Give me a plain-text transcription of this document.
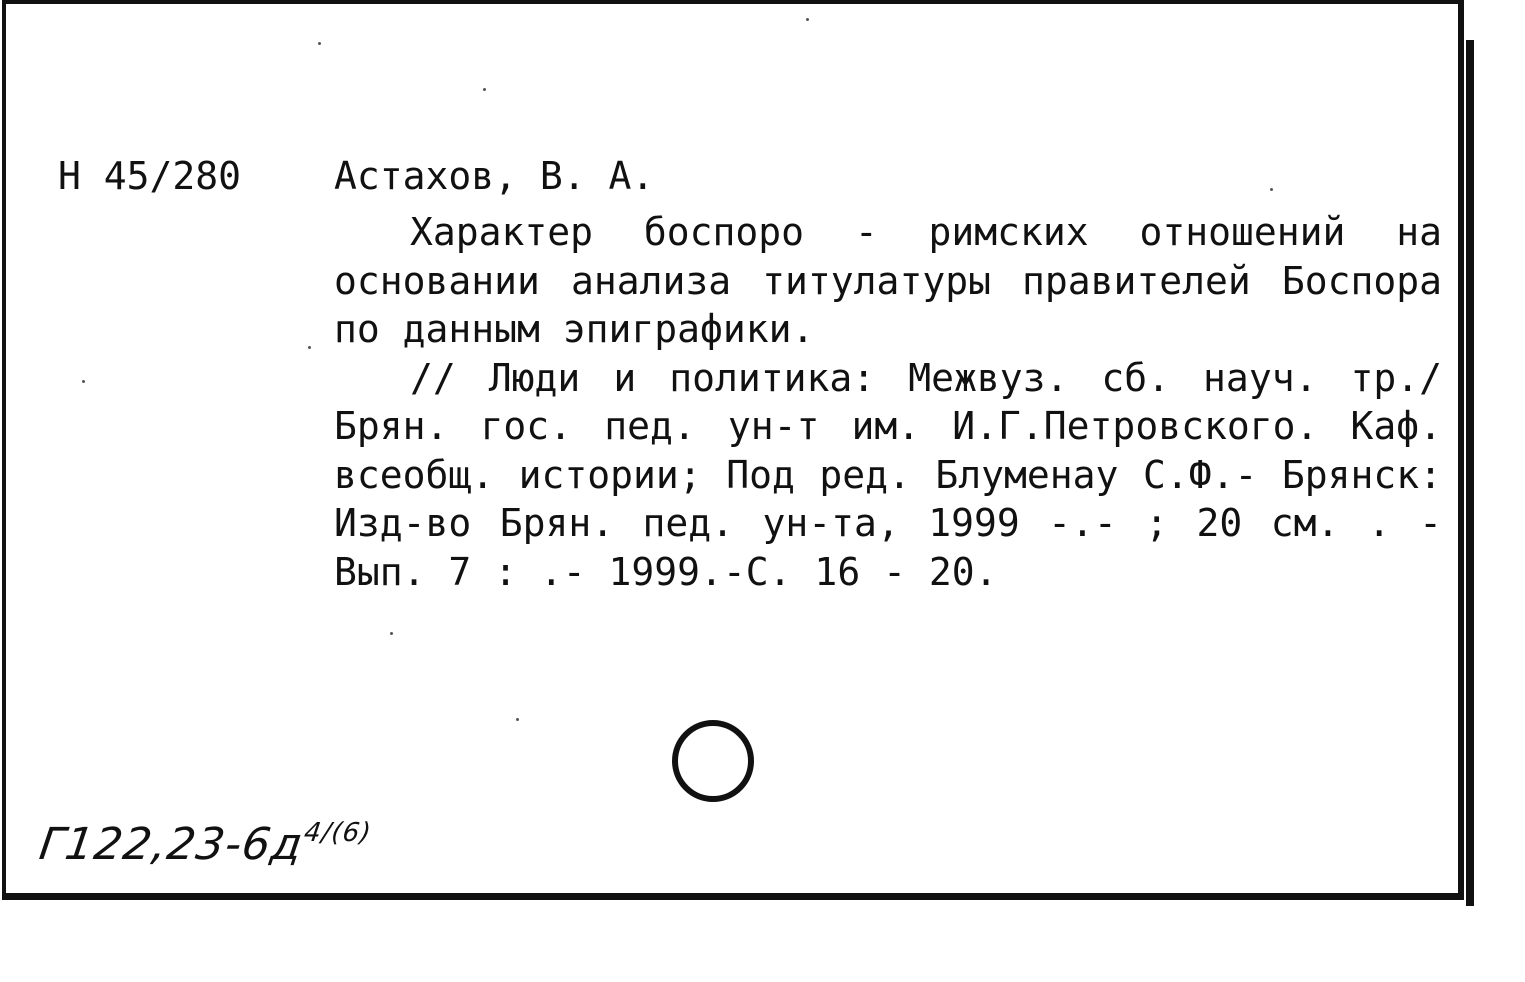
Н 45/280 Астахов, В. А.

Характер боспоро - римских отношений на основании анализа титулатуры правителей Боспора по данным эпиграфики.

// Люди и политика: Межвуз. сб. науч. тр./ Брян. гос. пед. ун-т им. И.Г.Петровского. Каф. всеобщ. истории; Под ред. Блуменау С.Ф.- Брянск: Изд-во Брян. пед. ун-та, 1999 -.- ; 20 см. . - Вып. 7 : .- 1999.-С. 16 - 20.

$Г122,23-6д^{4/(6)}$
